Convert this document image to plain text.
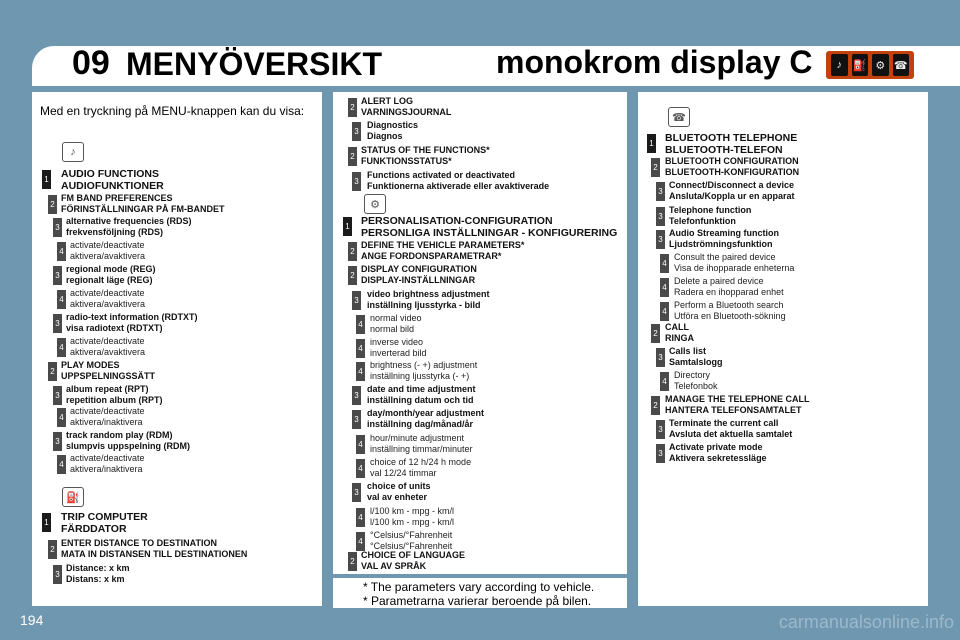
09 MENYÖVERSIKT	monokrom display C	♪ ⛽ ⚙ ☎
Med en tryckning på MENU-knappen kan du visa:
♪
⛽
⚙
☎
* The parameters vary according to vehicle.
* Parametrarna varierar beroende på bilen.
194	carmanualsonline.info
1 AUDIO FUNCTIONS
AUDIOFUNKTIONER
2
FM BAND PREFERENCES
FÖRINSTÄLLNINGAR PÅ FM-BANDET
3
alternative frequencies (RDS)
frekvensföljning (RDS)
4
activate/deactivate
aktivera/avaktivera
3
regional mode (REG)
regionalt läge (REG)
4
activate/deactivate
aktivera/avaktivera
3
radio-text information (RDTXT)
visa radiotext (RDTXT)
4
activate/deactivate
aktivera/avaktivera
2
PLAY MODES
UPPSPELNINGSSÄTT
3
album repeat (RPT)
repetition album (RPT)
4
activate/deactivate
aktivera/inaktivera
3
track random play (RDM)
slumpvis uppspelning (RDM)
4
activate/deactivate
aktivera/inaktivera
1 TRIP COMPUTER
FÄRDDATOR
2
ENTER DISTANCE TO DESTINATION
MATA IN DISTANSEN TILL DESTINATIONEN
3
Distance: x km
Distans: x km
2
ALERT LOG
VARNINGSJOURNAL
3
Diagnostics
Diagnos
2
STATUS OF THE FUNCTIONS*
FUNKTIONSSTATUS*
3
Functions activated or deactivated
Funktionerna aktiverade eller avaktiverade
1 PERSONALISATION-CONFIGURATION
PERSONLIGA INSTÄLLNINGAR - KONFIGURERING
2
DEFINE THE VEHICLE PARAMETERS*
ANGE FORDONSPARAMETRAR*
2
DISPLAY CONFIGURATION
DISPLAY-INSTÄLLNINGAR
3
video brightness adjustment
inställning ljusstyrka - bild
4
normal video
normal bild
4
inverse video
inverterad bild
4
brightness (- +) adjustment
inställning ljusstyrka (- +)
3
date and time adjustment
inställning datum och tid
3
day/month/year adjustment
inställning dag/månad/år
4
hour/minute adjustment
inställning timmar/minuter
4
choice of 12 h/24 h mode
val 12/24 timmar
3
choice of units
val av enheter
4
l/100 km - mpg - km/l
l/100 km - mpg - km/l
4
°Celsius/°Fahrenheit
°Celsius/°Fahrenheit
2
CHOICE OF LANGUAGE
VAL AV SPRÅK
1 BLUETOOTH TELEPHONE
BLUETOOTH-TELEFON
2
BLUETOOTH CONFIGURATION
BLUETOOTH-KONFIGURATION
3
Connect/Disconnect a device
Ansluta/Koppla ur en apparat
3
Telephone function
Telefonfunktion
3
Audio Streaming function
Ljudströmningsfunktion
4
Consult the paired device
Visa de ihopparade enheterna
4
Delete a paired device
Radera en ihopparad enhet
4
Perform a Bluetooth search
Utföra en Bluetooth-sökning
2
CALL
RINGA
3
Calls list
Samtalslogg
4
Directory
Telefonbok
2
MANAGE THE TELEPHONE CALL
HANTERA TELEFONSAMTALET
3
Terminate the current call
Avsluta det aktuella samtalet
3
Activate private mode
Aktivera sekretessläge
